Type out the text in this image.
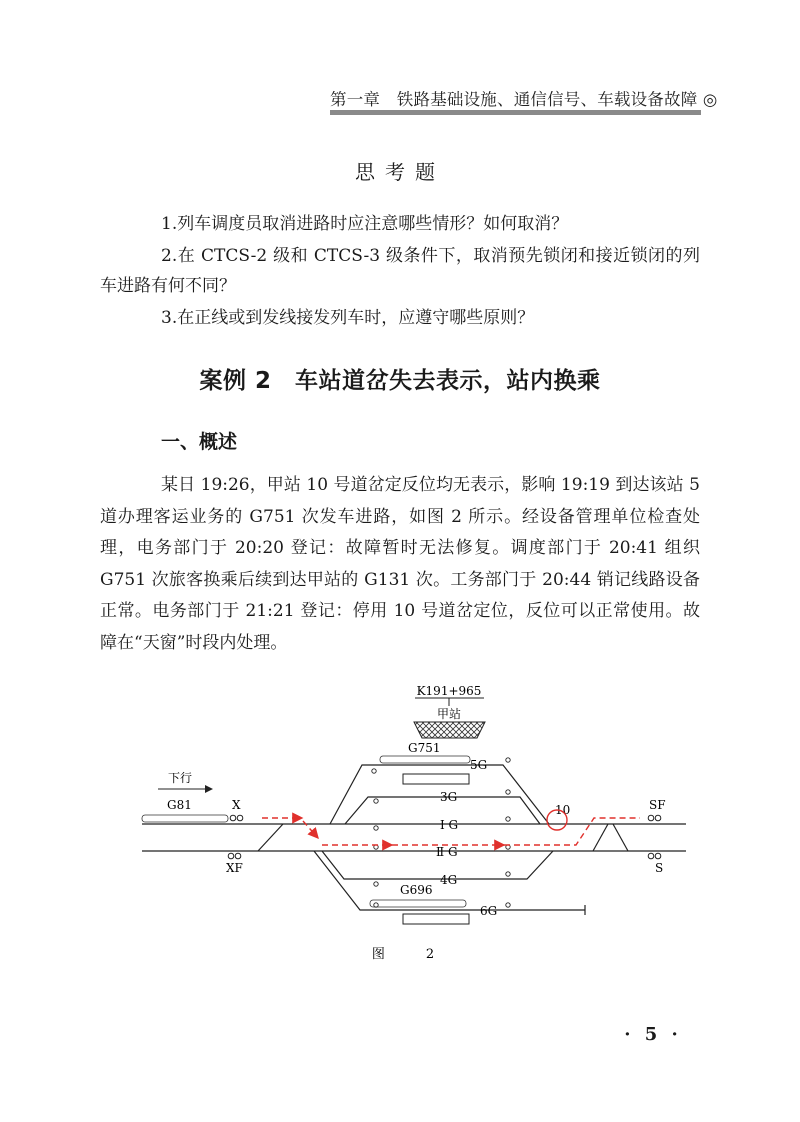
第一章　铁路基础设施、通信信号、车载设备故障 ◎
思考题
1.列车调度员取消进路时应注意哪些情形？如何取消？
2.在 CTCS-2 级和 CTCS-3 级条件下，取消预先锁闭和接近锁闭的列车进路有何不同？
3.在正线或到发线接发列车时，应遵守哪些原则？
案例 2　车站道岔失去表示，站内换乘
一、概述

某日 19:26，甲站 10 号道岔定反位均无表示，影响 19:19 到达该站 5 道办理客运业务的 G751 次发车进路，如图 2 所示。经设备管理单位检查处理，电务部门于 20:20 登记：故障暂时无法修复。调度部门于 20:41 组织 G751 次旅客换乘后续到达甲站的 G131 次。工务部门于 20:44 销记线路设备正常。电务部门于 21:21 登记：停用 10 号道岔定位，反位可以正常使用。故障在“天窗”时段内处理。

K191+965
甲站
下行
5G
3G
Ⅰ G
Ⅱ G
4G
6G
G81
G751
G696
X
XF
SF
S
10
图　2
· 5 ·
